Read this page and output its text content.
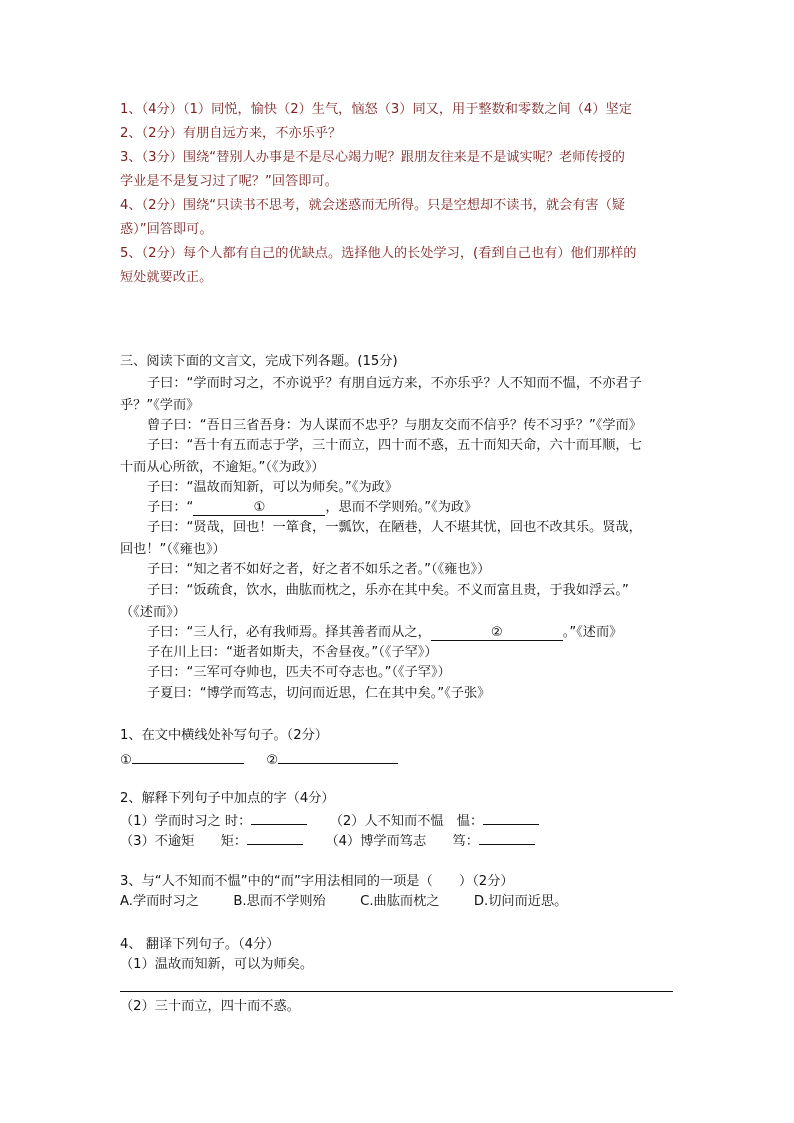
1、（4分）（1）同悦，愉快（2）生气，恼怒（3）同又，用于整数和零数之间（4）坚定
2、（2分）有朋自远方来，不亦乐乎？
3、（3分）围绕“替别人办事是不是尽心竭力呢？跟朋友往来是不是诚实呢？老师传授的
学业是不是复习过了呢？”回答即可。
4、（2分）围绕“只读书不思考，就会迷惑而无所得。只是空想却不读书，就会有害（疑
惑）”回答即可。
5、（2分）每个人都有自己的优缺点。选择他人的长处学习，(看到自己也有）他们那样的
短处就要改正。
三、阅读下面的文言文，完成下列各题。(15分)
子曰：“学而时习之，不亦说乎？有朋自远方来，不亦乐乎？人不知而不愠，不亦君子
乎？”《学而》
曾子曰：“吾日三省吾身：为人谋而不忠乎？与朋友交而不信乎？传不习乎？”《学而》
子曰：“吾十有五而志于学，三十而立，四十而不惑，五十而知天命，六十而耳顺，七
十而从心所欲，不逾矩。”（《为政》）
子曰：“温故而知新，可以为师矣。”《为政》
子曰：“	①	，思而不学则殆。”《为政》
子曰：“贤哉，回也！一箪食，一瓢饮，在陋巷，人不堪其忧，回也不改其乐。贤哉，
回也！”（《雍也》）
子曰：“知之者不如好之者，好之者不如乐之者。”（《雍也》）
子曰：“饭疏食，饮水，曲肱而枕之，乐亦在其中矣。不义而富且贵，于我如浮云。”
（《述而》）
子曰：“三人行，必有我师焉。择其善者而从之，	②	。”《述而》
子在川上曰：“逝者如斯夫，不舍昼夜。”（《子罕》）
子曰：“三军可夺帅也，匹夫不可夺志也。”（《子罕》）
子夏曰：“博学而笃志，切问而近思，仁在其中矣。”《子张》
1、在文中横线处补写句子。（2分）
①	②
2、解释下列句子中加点的字（4分）
（1）学而时习之 时：	（2）人不知而不愠　愠：
（3）不逾矩　　矩：	（4）博学而笃志　　笃：
3、与“人不知而不愠”中的“而”字用法相同的一项是（　　）（2分）
A.学而时习之	B.思而不学则殆	C.曲肱而枕之	D.切问而近思。
4、 翻译下列句子。（4分）
（1）温故而知新，可以为师矣。
（2）三十而立，四十而不惑。
